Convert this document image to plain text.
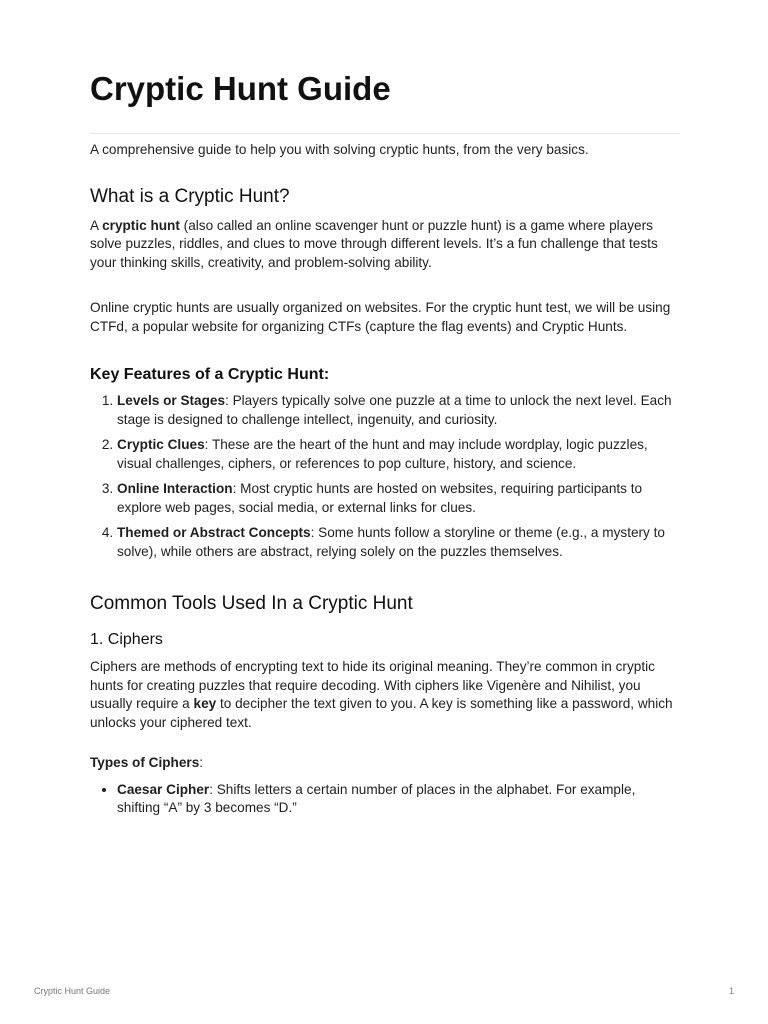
Cryptic Hunt Guide

A comprehensive guide to help you with solving cryptic hunts, from the very basics.

What is a Cryptic Hunt?

A cryptic hunt (also called an online scavenger hunt or puzzle hunt) is a game where players solve puzzles, riddles, and clues to move through different levels. It’s a fun challenge that tests your thinking skills, creativity, and problem-solving ability.

Online cryptic hunts are usually organized on websites. For the cryptic hunt test, we will be using CTFd, a popular website for organizing CTFs (capture the flag events) and Cryptic Hunts.

Key Features of a Cryptic Hunt:
1. Levels or Stages: Players typically solve one puzzle at a time to unlock the next level. Each stage is designed to challenge intellect, ingenuity, and curiosity.
2. Cryptic Clues: These are the heart of the hunt and may include wordplay, logic puzzles, visual challenges, ciphers, or references to pop culture, history, and science.
3. Online Interaction: Most cryptic hunts are hosted on websites, requiring participants to explore web pages, social media, or external links for clues.
4. Themed or Abstract Concepts: Some hunts follow a storyline or theme (e.g., a mystery to solve), while others are abstract, relying solely on the puzzles themselves.
Common Tools Used In a Cryptic Hunt
1. Ciphers

Ciphers are methods of encrypting text to hide its original meaning. They’re common in cryptic hunts for creating puzzles that require decoding. With ciphers like Vigenère and Nihilist, you usually require a key to decipher the text given to you. A key is something like a password, which unlocks your ciphered text.

Types of Ciphers:

• Caesar Cipher: Shifts letters a certain number of places in the alphabet. For example, shifting “A” by 3 becomes “D.”
Cryptic Hunt Guide	1
